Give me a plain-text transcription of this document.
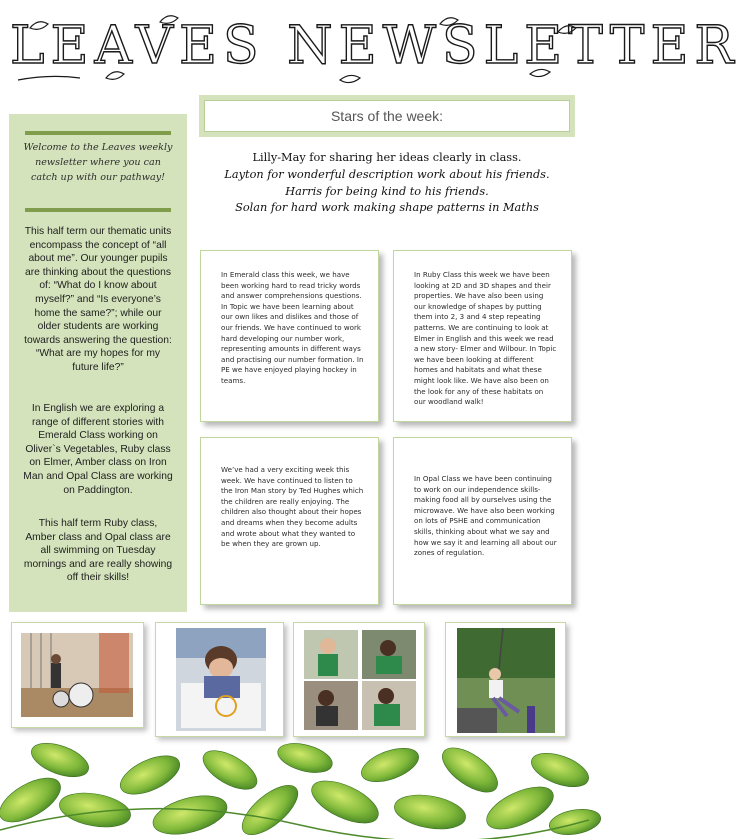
LEAVES NEWSLETTER
Welcome to the Leaves weekly newsletter where you can catch up with our pathway!
This half term our thematic units encompass the concept of “all about me”. Our younger pupils are thinking about the questions of: “What do I know about myself?” and “Is everyone’s home the same?”; while our older students are working towards answering the question: “What are my hopes for my future life?”
In English we are exploring a range of different stories with Emerald Class working on Oliver`s Vegetables, Ruby class on Elmer, Amber class on Iron Man and Opal Class are working on Paddington.
This half term Ruby class, Amber class and Opal class are all swimming on Tuesday mornings and are really showing off their skills!
Stars of the week:
Lilly-May for sharing her ideas clearly in class.
Layton for wonderful description work about his friends.
Harris for being kind to his friends.
Solan for hard work making shape patterns in Maths
In Emerald class this week, we have been working hard to read tricky words and answer comprehensions questions. In Topic we have been learning about our own likes and dislikes and those of our friends. We have continued to work hard developing our number work, representing amounts in different ways and practising our number formation. In PE we have enjoyed playing hockey in teams.
In Ruby Class this week we have been looking at 2D and 3D shapes and their properties. We have also been using our knowledge of shapes by putting them into 2, 3 and 4 step repeating patterns. We are continuing to look at Elmer in English and this week we read a new story- Elmer and Wilbour. In Topic we have been looking at different homes and habitats and what these might look like. We have also been on the look for any of these habitats on our woodland walk!
We’ve had a very exciting week this week. We have continued to listen to the Iron Man story by Ted Hughes which the children are really enjoying. The children also thought about their hopes and dreams when they become adults and wrote about what they wanted to be when they are grown up.
In Opal Class we have been continuing to work on our independence skills-making food all by ourselves using the microwave. We have also been working on lots of PSHE and communication skills, thinking about what we say and how we say it and learning all about our zones of regulation.
